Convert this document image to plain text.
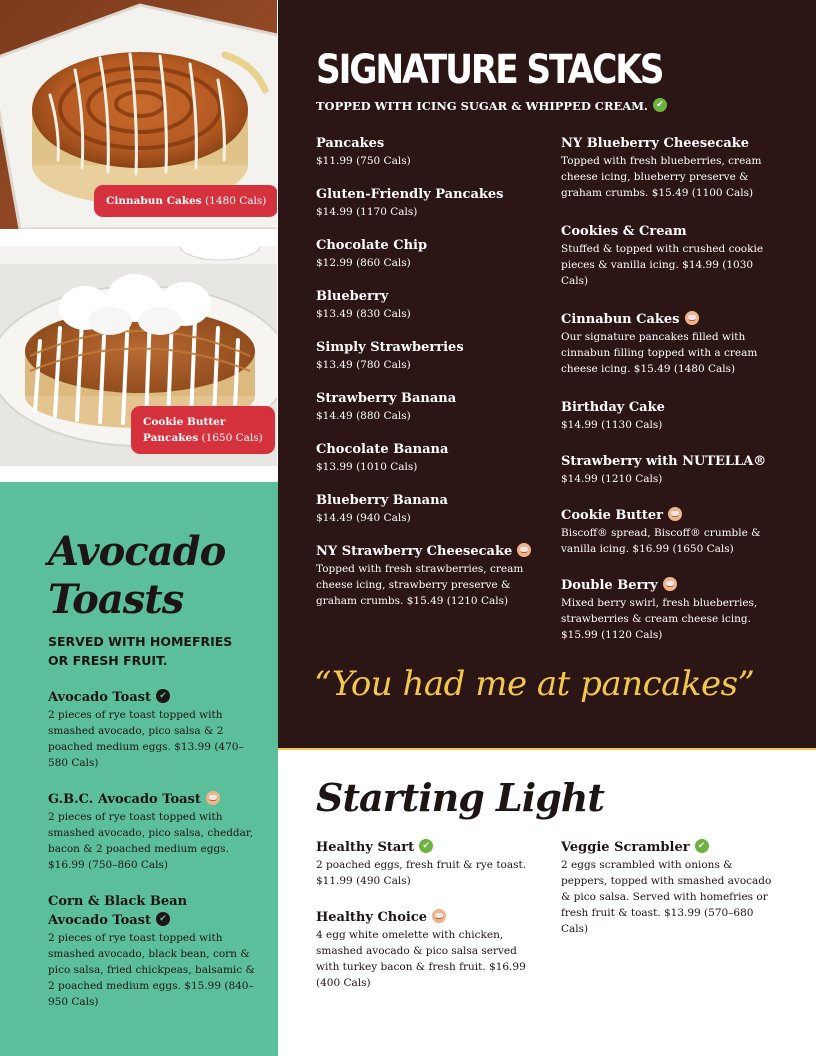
Cinnabun Cakes (1480 Cals)
Cookie Butter
Pancakes (1650 Cals)
SIGNATURE STACKS
TOPPED WITH ICING SUGAR & WHIPPED CREAM.✔
Pancakes
$11.99 (750 Cals)
Gluten-Friendly Pancakes
$14.99 (1170 Cals)
Chocolate Chip
$12.99 (860 Cals)
Blueberry
$13.49 (830 Cals)
Simply Strawberries
$13.49 (780 Cals)
Strawberry Banana
$14.49 (880 Cals)
Chocolate Banana
$13.99 (1010 Cals)
Blueberry Banana
$14.49 (940 Cals)
NY Strawberry Cheesecake
Topped with fresh strawberries, cream cheese icing, strawberry preserve & graham crumbs. $15.49 (1210 Cals)
NY Blueberry Cheesecake
Topped with fresh blueberries, cream cheese icing, blueberry preserve & graham crumbs. $15.49 (1100 Cals)
Cookies & Cream
Stuffed & topped with crushed cookie pieces & vanilla icing. $14.99 (1030 Cals)
Cinnabun Cakes
Our signature pancakes filled with cinnabun filling topped with a cream cheese icing. $15.49 (1480 Cals)
Birthday Cake
$14.99 (1130 Cals)
Strawberry with NUTELLA®
$14.99 (1210 Cals)
Cookie Butter
Biscoff® spread, Biscoff® crumble & vanilla icing. $16.99 (1650 Cals)
Double Berry
Mixed berry swirl, fresh blueberries, strawberries & cream cheese icing. $15.99 (1120 Cals)
“You had me at pancakes”
Avocado
Toasts
SERVED WITH HOMEFRIES
OR FRESH FRUIT.
Avocado Toast✔
2 pieces of rye toast topped with smashed avocado, pico salsa & 2 poached medium eggs. $13.99 (470–580 Cals)
G.B.C. Avocado Toast
2 pieces of rye toast topped with smashed avocado, pico salsa, cheddar, bacon & 2 poached medium eggs. $16.99 (750–860 Cals)
Corn & Black Bean Avocado Toast✔
2 pieces of rye toast topped with smashed avocado, black bean, corn & pico salsa, fried chickpeas, balsamic & 2 poached medium eggs. $15.99 (840–950 Cals)
Starting Light
Healthy Start✔
2 poached eggs, fresh fruit & rye toast. $11.99 (490 Cals)
Healthy Choice
4 egg white omelette with chicken, smashed avocado & pico salsa served with turkey bacon & fresh fruit. $16.99 (400 Cals)
Veggie Scrambler✔
2 eggs scrambled with onions & peppers, topped with smashed avocado & pico salsa. Served with homefries or fresh fruit & toast. $13.99 (570–680 Cals)
